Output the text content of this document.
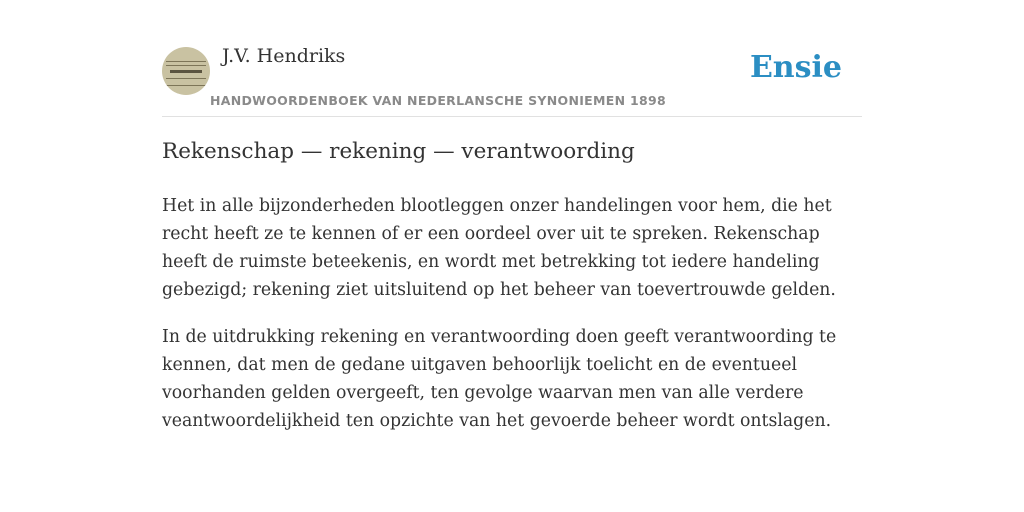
J.V. Hendriks
HANDWOORDENBOEK VAN NEDERLANSCHE SYNONIEMEN 1898
Ensie
Rekenschap — rekening — verantwoording

Het in alle bijzonderheden blootleggen onzer handelingen voor hem, die het recht heeft ze te kennen of er een oordeel over uit te spreken. Rekenschap heeft de ruimste beteekenis, en wordt met betrekking tot iedere handeling gebezigd; rekening ziet uitsluitend op het beheer van toevertrouwde gelden.

In de uitdrukking rekening en verantwoording doen geeft verantwoording te kennen, dat men de gedane uitgaven behoorlijk toelicht en de eventueel voorhanden gelden overgeeft, ten gevolge waarvan men van alle verdere veantwoordelijkheid ten opzichte van het gevoerde beheer wordt ontslagen.
